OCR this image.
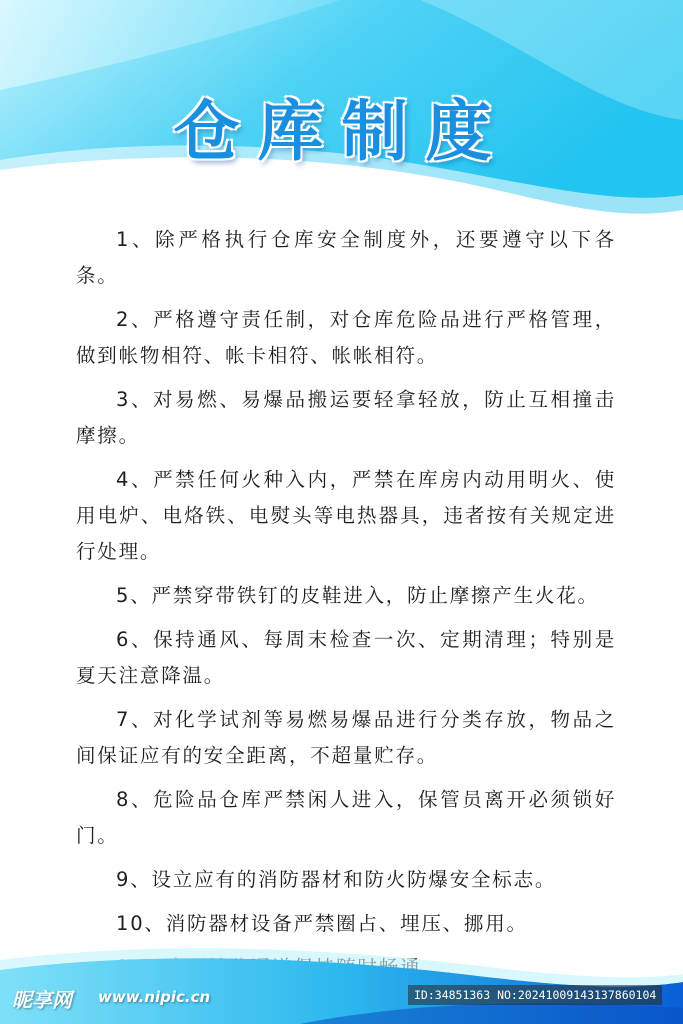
仓库制度
1、除严格执行仓库安全制度外，还要遵守以下各条。
2、严格遵守责任制，对仓库危险品进行严格管理，做到帐物相符、帐卡相符、帐帐相符。
3、对易燃、易爆品搬运要轻拿轻放，防止互相撞击摩擦。
4、严禁任何火种入内，严禁在库房内动用明火、使用电炉、电烙铁、电熨头等电热器具，违者按有关规定进行处理。
5、严禁穿带铁钉的皮鞋进入，防止摩擦产生火花。
6、保持通风、每周末检查一次、定期清理；特别是夏天注意降温。
7、对化学试剂等易燃易爆品进行分类存放，物品之间保证应有的安全距离，不超量贮存。
8、危险品仓库严禁闲人进入，保管员离开必须锁好门。
9、设立应有的消防器材和防火防爆安全标志。
10、消防器材设备严禁圈占、埋压、挪用。
昵享网 www.nipic.cn	ID:34851363 NO:20241009143137860104
